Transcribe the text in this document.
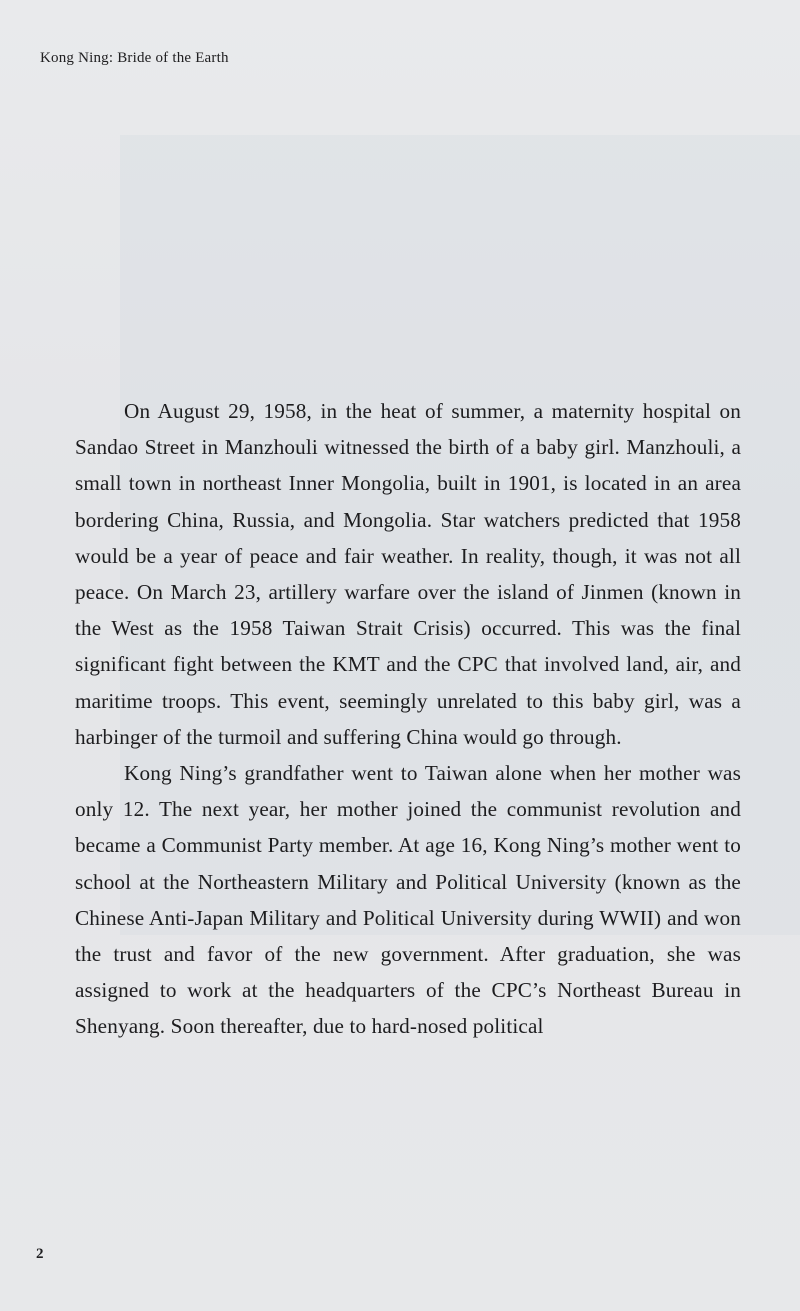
Kong Ning: Bride of the Earth

On August 29, 1958, in the heat of summer, a maternity hospital on Sandao Street in Manzhouli witnessed the birth of a baby girl. Manzhouli, a small town in northeast Inner Mongolia, built in 1901, is located in an area bordering China, Russia, and Mongolia. Star watchers predicted that 1958 would be a year of peace and fair weather. In reality, though, it was not all peace. On March 23, artillery warfare over the island of Jinmen (known in the West as the 1958 Taiwan Strait Crisis) occurred. This was the final significant fight between the KMT and the CPC that involved land, air, and maritime troops. This event, seemingly unrelated to this baby girl, was a harbinger of the turmoil and suffering China would go through.

Kong Ning’s grandfather went to Taiwan alone when her mother was only 12. The next year, her mother joined the communist revolution and became a Communist Party member. At age 16, Kong Ning’s mother went to school at the Northeastern Military and Political University (known as the Chinese Anti-Japan Military and Political University during WWII) and won the trust and favor of the new government. After graduation, she was assigned to work at the headquarters of the CPC’s Northeast Bureau in Shenyang. Soon thereafter, due to hard-nosed political

2
